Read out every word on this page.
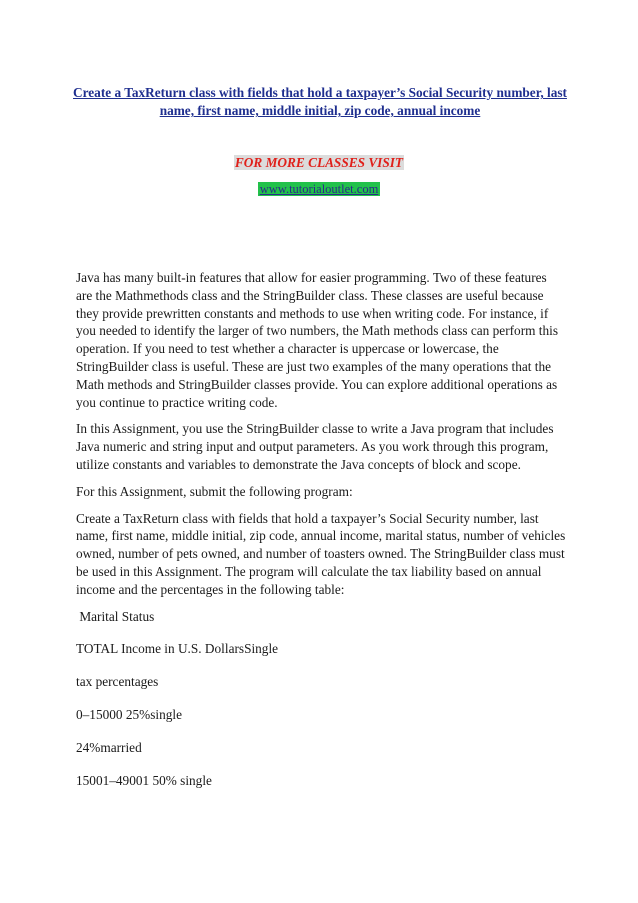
Create a TaxReturn class with fields that hold a taxpayer’s Social Security number, last name, first name, middle initial, zip code, annual income
FOR MORE CLASSES VISIT
www.tutorialoutlet.com

Java has many built-in features that allow for easier programming. Two of these features are the Mathmethods class and the StringBuilder class. These classes are useful because they provide prewritten constants and methods to use when writing code. For instance, if you needed to identify the larger of two numbers, the Math methods class can perform this operation. If you need to test whether a character is uppercase or lowercase, the StringBuilder class is useful. These are just two examples of the many operations that the Math methods and StringBuilder classes provide. You can explore additional operations as you continue to practice writing code.

In this Assignment, you use the StringBuilder classe to write a Java program that includes Java numeric and string input and output parameters. As you work through this program, utilize constants and variables to demonstrate the Java concepts of block and scope.

For this Assignment, submit the following program:

Create a TaxReturn class with fields that hold a taxpayer’s Social Security number, last name, first name, middle initial, zip code, annual income, marital status, number of vehicles owned, number of pets owned, and number of toasters owned. The StringBuilder class must be used in this Assignment. The program will calculate the tax liability based on annual income and the percentages in the following table:

Marital Status

TOTAL Income in U.S. DollarsSingle

tax percentages

0–15000 25%single

24%married

15001–49001 50% single
